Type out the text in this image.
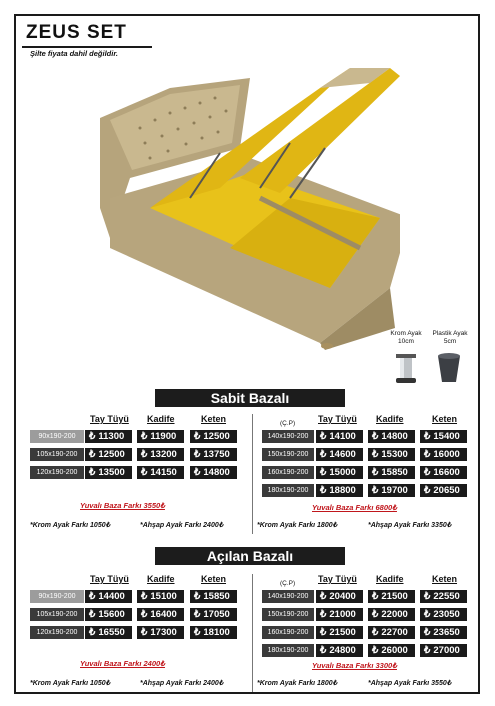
ZEUS SET
Şilte fiyata dahil değildir.
Krom Ayak
10cm
Plastik Ayak
5cm
Sabit Bazalı
Tay Tüyü Kadife	Keten	(Ç.P)	Tay Tüyü Kadife	Keten
90x190-200	₺ 11300	₺ 11900	₺ 12500
105x190-200	₺ 12500	₺ 13200	₺ 13750
120x190-200	₺ 13500	₺ 14150	₺ 14800
140x190-200	₺ 14100	₺ 14800	₺ 15400
150x190-200	₺ 14600	₺ 15300	₺ 16000
160x190-200	₺ 15000	₺ 15850	₺ 16600
180x190-200	₺ 18800	₺ 19700	₺ 20650
Yuvalı Baza Farkı 3550₺	Yuvalı Baza Farkı 6800₺
*Krom Ayak Farkı 1050₺	*Ahşap Ayak Farkı 2400₺	*Krom Ayak Farkı 1800₺	*Ahşap Ayak Farkı 3350₺
Açılan Bazalı
Tay Tüyü Kadife	Keten	(Ç.P)	Tay Tüyü Kadife	Keten
90x190-200	₺ 14400	₺ 15100	₺ 15850
105x190-200	₺ 15600	₺ 16400	₺ 17050
120x190-200	₺ 16550	₺ 17300	₺ 18100
140x190-200	₺ 20400	₺ 21500	₺ 22550
150x190-200	₺ 21000	₺ 22000	₺ 23050
160x190-200	₺ 21500	₺ 22700	₺ 23650
180x190-200	₺ 24800	₺ 26000	₺ 27000
Yuvalı Baza Farkı 2400₺	Yuvalı Baza Farkı 3300₺
*Krom Ayak Farkı 1050₺	*Ahşap Ayak Farkı 2400₺	*Krom Ayak Farkı 1800₺	*Ahşap Ayak Farkı 3550₺
